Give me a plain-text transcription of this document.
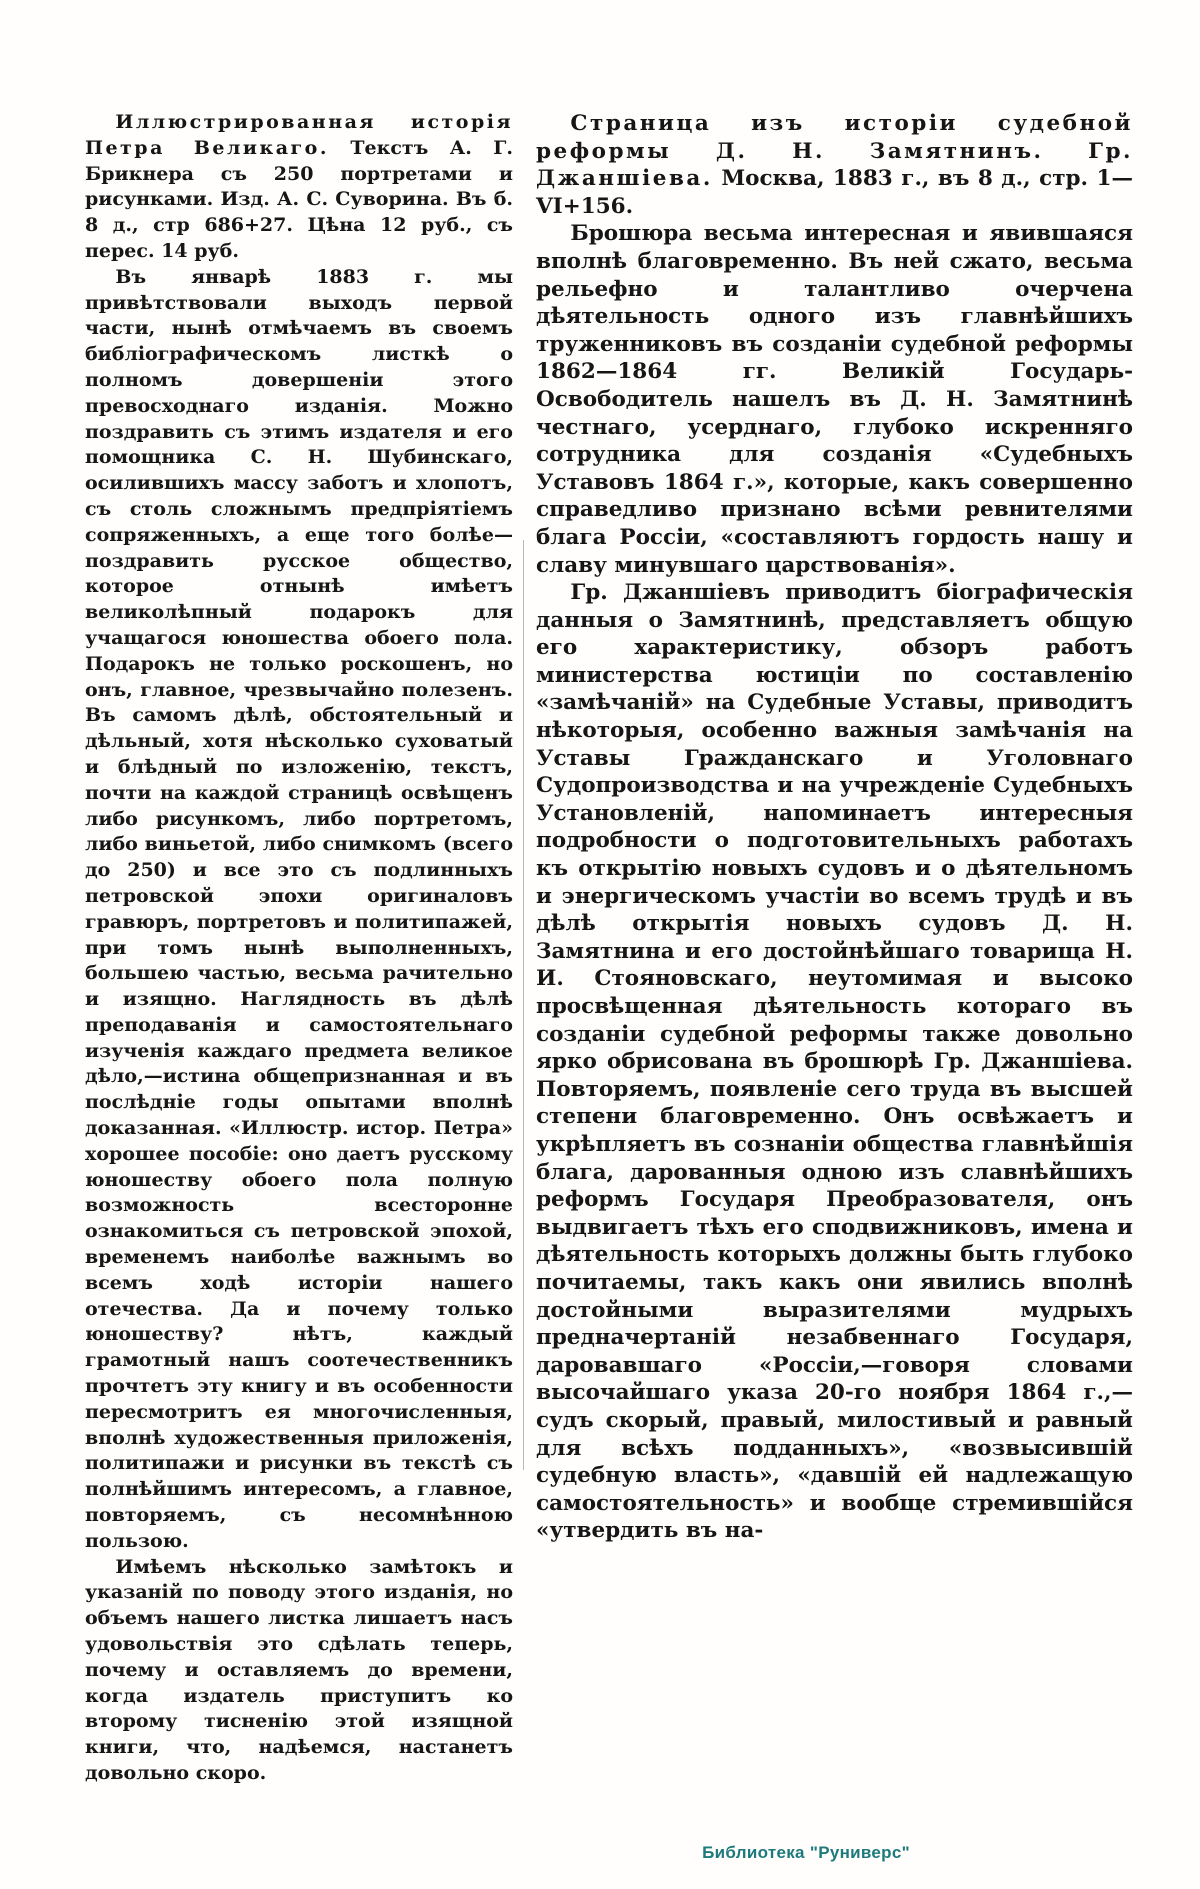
Иллюстрированная исторія Петра Великаго. Текстъ А. Г. Брикнера съ 250 портретами и рисунками. Изд. А. С. Суворина. Въ б. 8 д., стр 686+27. Цѣна 12 руб., съ перес. 14 руб.

Въ январѣ 1883 г. мы привѣтствовали выходъ первой части, нынѣ отмѣчаемъ въ своемъ библіографическомъ листкѣ о полномъ довершеніи этого превосходнаго изданія. Можно поздравить съ этимъ издателя и его помощника С. Н. Шубинскаго, осилившихъ массу заботъ и хлопотъ, съ столь сложнымъ предпріятіемъ сопряженныхъ, а еще того болѣе—поздравить русское общество, которое отнынѣ имѣетъ великолѣпный подарокъ для учащагося юношества обоего пола. Подарокъ не только роскошенъ, но онъ, главное, чрезвычайно полезенъ. Въ самомъ дѣлѣ, обстоятельный и дѣльный, хотя нѣсколько суховатый и блѣдный по изложенію, текстъ, почти на каждой страницѣ освѣщенъ либо рисункомъ, либо портретомъ, либо виньетой, либо снимкомъ (всего до 250) и все это съ подлинныхъ петровской эпохи оригиналовъ гравюръ, портретовъ и политипажей, при томъ нынѣ выполненныхъ, большею частью, весьма рачительно и изящно. Наглядность въ дѣлѣ преподаванія и самостоятельнаго изученія каждаго предмета великое дѣло,—истина общепризнанная и въ послѣдніе годы опытами вполнѣ доказанная. «Иллюстр. истор. Петра» хорошее пособіе: оно даетъ русскому юношеству обоего пола полную возможность всесторонне ознакомиться съ петровской эпохой, временемъ наиболѣе важнымъ во всемъ ходѣ исторіи нашего отечества. Да и почему только юношеству? нѣтъ, каждый грамотный нашъ соотечественникъ прочтетъ эту книгу и въ особенности пересмотритъ ея многочисленныя, вполнѣ художественныя приложенія, политипажи и рисунки въ текстѣ съ полнѣйшимъ интересомъ, а главное, повторяемъ, съ несомнѣнною пользою.

Имѣемъ нѣсколько замѣтокъ и указаній по поводу этого изданія, но объемъ нашего листка лишаетъ насъ удовольствія это сдѣлать теперь, почему и оставляемъ до времени, когда издатель приступитъ ко второму тисненію этой изящной книги, что, надѣемся, настанетъ довольно скоро.

Страница изъ исторіи судебной реформы Д. Н. Замятнинъ. Гр. Джаншіева. Москва, 1883 г., въ 8 д., стр. 1—VI+156.

Брошюра весьма интересная и явившаяся вполнѣ благовременно. Въ ней сжато, весьма рельефно и талантливо очерчена дѣятельность одного изъ главнѣйшихъ труженниковъ въ созданіи судебной реформы 1862—1864 гг. Великій Государь-Освободитель нашелъ въ Д. Н. Замятнинѣ честнаго, усерднаго, глубоко искренняго сотрудника для созданія «Судебныхъ Уставовъ 1864 г.», которые, какъ совершенно справедливо признано всѣми ревнителями блага Россіи, «составляютъ гордость нашу и славу минувшаго царствованія».

Гр. Джаншіевъ приводитъ біографическія данныя о Замятнинѣ, представляетъ общую его характеристику, обзоръ работъ министерства юстиціи по составленію «замѣчаній» на Судебные Уставы, приводитъ нѣкоторыя, особенно важныя замѣчанія на Уставы Гражданскаго и Уголовнаго Судопроизводства и на учрежденіе Судебныхъ Установленій, напоминаетъ интересныя подробности о подготовительныхъ работахъ къ открытію новыхъ судовъ и о дѣятельномъ и энергическомъ участіи во всемъ трудѣ и въ дѣлѣ открытія новыхъ судовъ Д. Н. Замятнина и его достойнѣйшаго товарища Н. И. Стояновскаго, неутомимая и высоко просвѣщенная дѣятельность котораго въ созданіи судебной реформы также довольно ярко обрисована въ брошюрѣ Гр. Джаншіева. Повторяемъ, появленіе сего труда въ высшей степени благовременно. Онъ освѣжаетъ и укрѣпляетъ въ сознаніи общества главнѣйшія блага, дарованныя одною изъ славнѣйшихъ реформъ Государя Преобразователя, онъ выдвигаетъ тѣхъ его сподвижниковъ, имена и дѣятельность которыхъ должны быть глубоко почитаемы, такъ какъ они явились вполнѣ достойными выразителями мудрыхъ предначертаній незабвеннаго Государя, даровавшаго «Россіи,—говоря словами высочайшаго указа 20-го ноября 1864 г.,—судъ скорый, правый, милостивый и равный для всѣхъ подданныхъ», «возвысившій судебную власть», «давшій ей надлежащую самостоятельность» и вообще стремившійся «утвердить въ на-

Библиотека "Руниверс"
